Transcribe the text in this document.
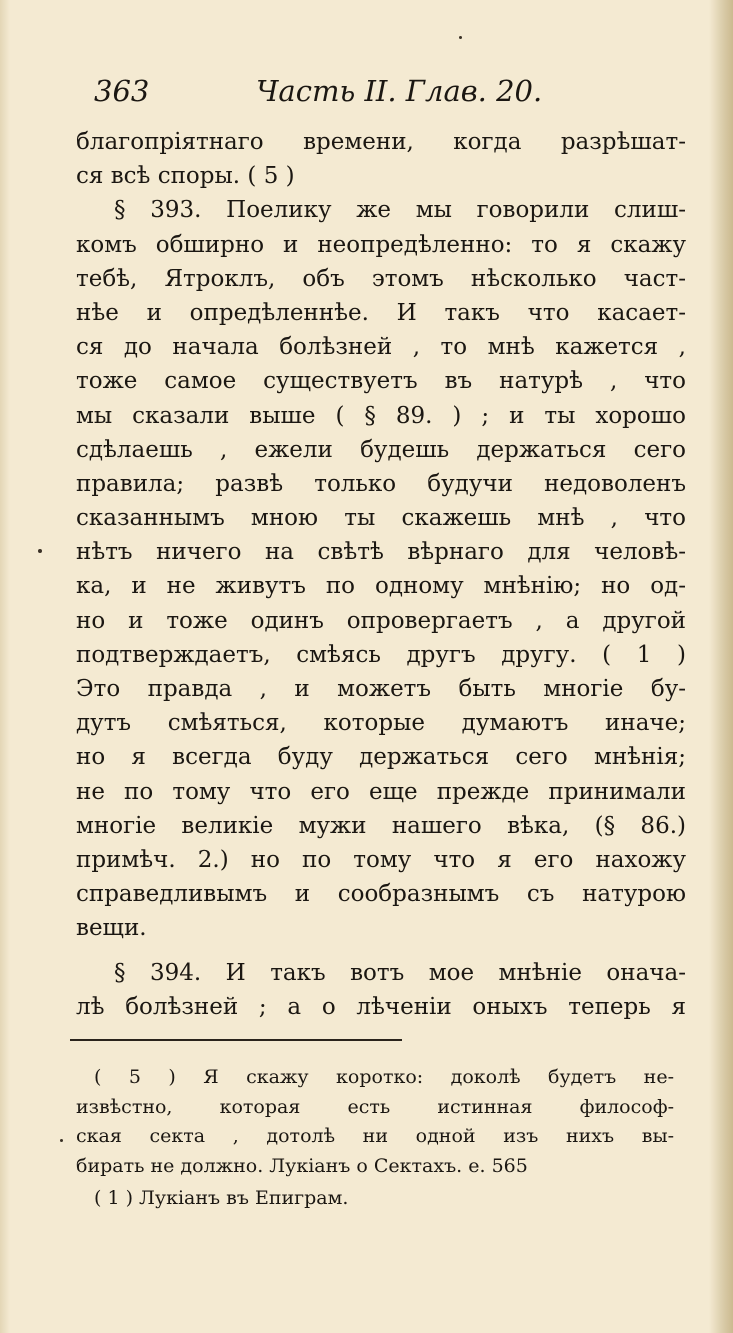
363	Часть II. Глав. 20.
благопріятнаго времени, когда разрѣшат-
ся всѣ споры. ( 5 )
§ 393. Поелику же мы говорили слиш-
комъ обширно и неопредѣленно: то я скажу
тебѣ, Ятроклъ, объ этомъ нѣсколько част-
нѣе и опредѣленнѣе. И такъ что касает-
ся до начала болѣзней , то мнѣ кажется ,
тоже самое существуетъ въ натурѣ , что
мы сказали выше ( § 89. ) ; и ты хорошо
сдѣлаешь , ежели будешь держаться сего
правила; развѣ только будучи недоволенъ
сказаннымъ мною ты скажешь мнѣ , что
нѣтъ ничего на свѣтѣ вѣрнаго для человѣ-
ка, и не живутъ по одному мнѣнію; но од-
но и тоже одинъ опровергаетъ , а другой
подтверждаетъ, смѣясь другъ другу. ( 1 )
Это правда , и можетъ быть многіе бу-
дутъ смѣяться, которые думаютъ иначе;
но я всегда буду держаться сего мнѣнія;
не по тому что его еще прежде принимали
многіе великіе мужи нашего вѣка, (§ 86.)
примѣч. 2.) но по тому что я его нахожу
справедливымъ и сообразнымъ съ натурою
вещи.
§ 394. И такъ вотъ мое мнѣніе онача-
лѣ болѣзней ; а о лѣченіи оныхъ теперь я
( 5 ) Я скажу коротко: доколѣ будетъ не-
извѣстно, которая есть истинная философ-
ская секта , дотолѣ ни одной изъ нихъ вы-
бирать не должно. Лукіанъ о Сектахъ. е. 565
( 1 ) Лукіанъ въ Епиграм.
